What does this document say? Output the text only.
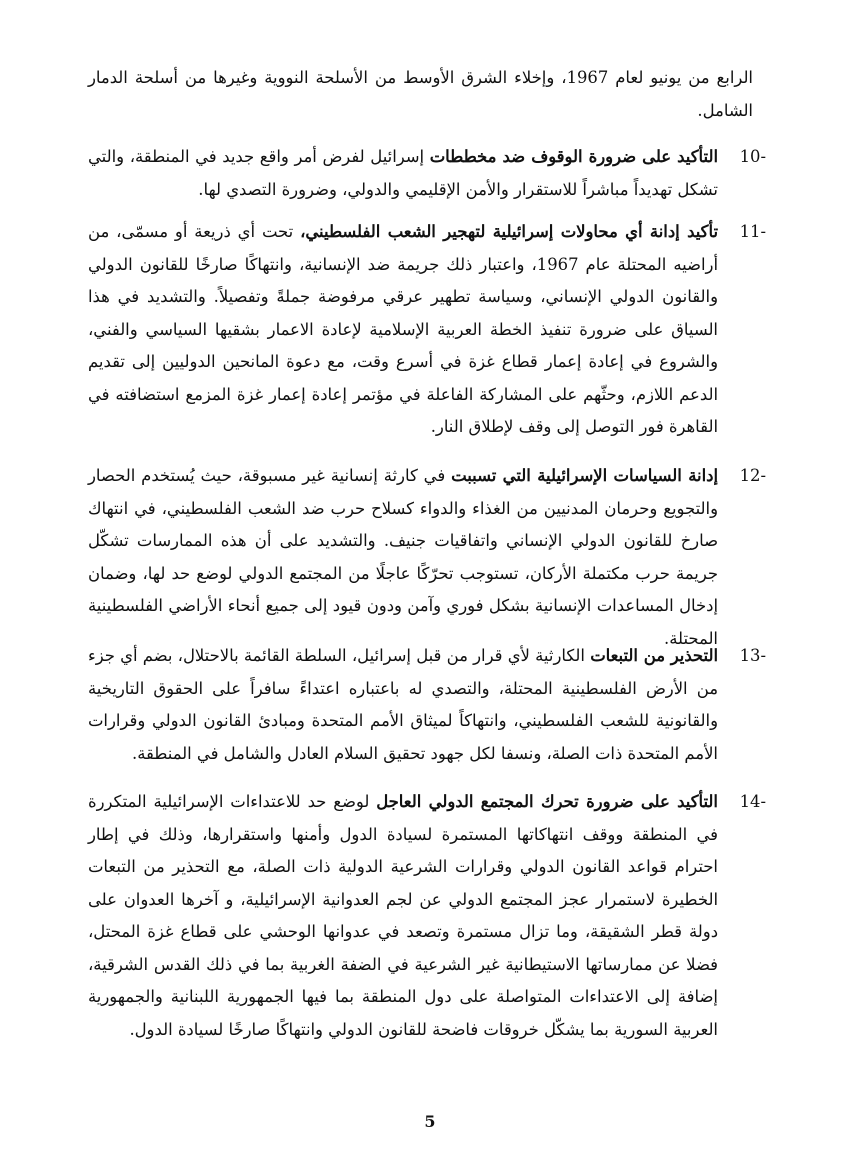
الرابع من يونيو لعام 1967، وإخلاء الشرق الأوسط من الأسلحة النووية وغيرها من أسلحة الدمار الشامل.
10-
التأكيد على ضرورة الوقوف ضد مخططات إسرائيل لفرض أمر واقع جديد في المنطقة، والتي تشكل تهديداً مباشراً للاستقرار والأمن الإقليمي والدولي، وضرورة التصدي لها.
11-
تأكيد إدانة أي محاولات إسرائيلية لتهجير الشعب الفلسطيني، تحت أي ذريعة أو مسمّى، من أراضيه المحتلة عام 1967، واعتبار ذلك جريمة ضد الإنسانية، وانتهاكًا صارخًا للقانون الدولي والقانون الدولي الإنساني، وسياسة تطهير عرقي مرفوضة جملةً وتفصيلاً. والتشديد في هذا السياق على ضرورة تنفيذ الخطة العربية الإسلامية لإعادة الاعمار بشقيها السياسي والفني، والشروع في إعادة إعمار قطاع غزة في أسرع وقت، مع دعوة المانحين الدوليين إلى تقديم الدعم اللازم، وحثّهم على المشاركة الفاعلة في مؤتمر إعادة إعمار غزة المزمع استضافته في القاهرة فور التوصل إلى وقف لإطلاق النار.
12-
إدانة السياسات الإسرائيلية التي تسببت في كارثة إنسانية غير مسبوقة، حيث يُستخدم الحصار والتجويع وحرمان المدنيين من الغذاء والدواء كسلاح حرب ضد الشعب الفلسطيني، في انتهاك صارخ للقانون الدولي الإنساني واتفاقيات جنيف. والتشديد على أن هذه الممارسات تشكّل جريمة حرب مكتملة الأركان، تستوجب تحرّكًا عاجلًا من المجتمع الدولي لوضع حد لها، وضمان إدخال المساعدات الإنسانية بشكل فوري وآمن ودون قيود إلى جميع أنحاء الأراضي الفلسطينية المحتلة.
13-
التحذير من التبعات الكارثية لأي قرار من قبل إسرائيل، السلطة القائمة بالاحتلال، بضم أي جزء من الأرض الفلسطينية المحتلة، والتصدي له باعتباره اعتداءً سافراً على الحقوق التاريخية والقانونية للشعب الفلسطيني، وانتهاكاً لميثاق الأمم المتحدة ومبادئ القانون الدولي وقرارات الأمم المتحدة ذات الصلة، ونسفا لكل جهود تحقيق السلام العادل والشامل في المنطقة.
14-
التأكيد على ضرورة تحرك المجتمع الدولي العاجل لوضع حد للاعتداءات الإسرائيلية المتكررة في المنطقة ووقف انتهاكاتها المستمرة لسيادة الدول وأمنها واستقرارها، وذلك في إطار احترام قواعد القانون الدولي وقرارات الشرعية الدولية ذات الصلة، مع التحذير من التبعات الخطيرة لاستمرار عجز المجتمع الدولي عن لجم العدوانية الإسرائيلية، و آخرها العدوان على دولة قطر الشقيقة، وما تزال مستمرة وتصعد في عدوانها الوحشي على قطاع غزة المحتل، فضلا عن ممارساتها الاستيطانية غير الشرعية في الضفة الغربية بما في ذلك القدس الشرقية، إضافة إلى الاعتداءات المتواصلة على دول المنطقة بما فيها الجمهورية اللبنانية والجمهورية العربية السورية بما يشكّل خروقات فاضحة للقانون الدولي وانتهاكًا صارخًا لسيادة الدول.
5
